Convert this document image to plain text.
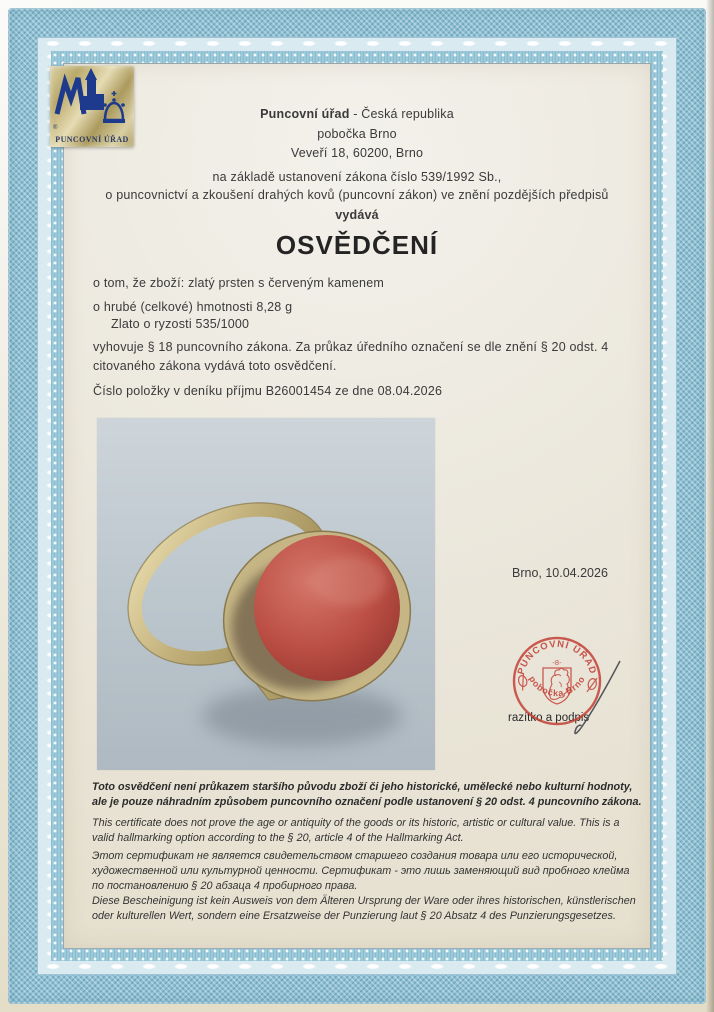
®
PUNCOVNÍ ÚŘAD
Puncovní úřad - Česká republika
pobočka Brno
Veveří 18, 60200, Brno
na základě ustanovení zákona číslo 539/1992 Sb.,
o puncovnictví a zkoušení drahých kovů (puncovní zákon) ve znění pozdějších předpisů
vydává
OSVĚDČENÍ
o tom, že zboží: zlatý prsten s červeným kamenem
o hrubé (celkové) hmotnosti 8,28 g
Zlato o ryzosti 535/1000
vyhovuje § 18 puncovního zákona. Za průkaz úředního označení se dle znění § 20 odst. 4
citovaného zákona vydává toto osvědčení.
Číslo položky v deníku příjmu B26001454 ze dne 08.04.2026
Brno, 10.04.2026
razítko a podpis
PUNCOVNÍ ÚŘAD
-8-
pobočka Brno
Toto osvědčení není průkazem staršího původu zboží či jeho historické, umělecké nebo kulturní hodnoty, ale je pouze náhradním způsobem puncovního označení podle ustanovení § 20 odst. 4 puncovního zákona.
This certificate does not prove the age or antiquity of the goods or its historic, artistic or cultural value. This is a valid hallmarking option according to the § 20, article 4 of the Hallmarking Act.
Этот сертификат не является свидетельством старшего создания товара или его исторической, художественной или культурной ценности. Сертификат - это лишь заменяющий вид пробного клейма по постановлению § 20 абзаца 4 пробирного права.
Diese Bescheinigung ist kein Ausweis von dem Älteren Ursprung der Ware oder ihres historischen, künstlerischen oder kulturellen Wert, sondern eine Ersatzweise der Punzierung laut § 20 Absatz 4 des Punzierungsgesetzes.
